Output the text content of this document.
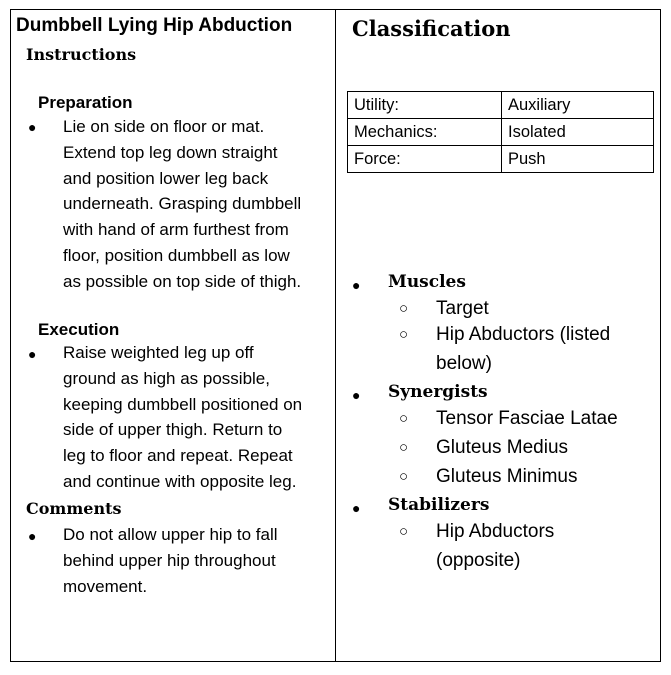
Dumbbell Lying Hip Abduction
Instructions
Preparation
● Lie on side on floor or mat.
Extend top leg down straight
and position lower leg back
underneath. Grasping dumbbell
with hand of arm furthest from
floor, position dumbbell as low
as possible on top side of thigh.
Execution
● Raise weighted leg up off
ground as high as possible,
keeping dumbbell positioned on
side of upper thigh. Return to
leg to floor and repeat. Repeat
and continue with opposite leg.
Comments
● Do not allow upper hip to fall
behind upper hip throughout
movement.
Classification
Utility:	Auxiliary
Mechanics:	Isolated
Force:	Push
● Muscles
○ Target
○ Hip Abductors (listed
below)
● Synergists
○ Tensor Fasciae Latae
○ Gluteus Medius
○ Gluteus Minimus
● Stabilizers
○ Hip Abductors
(opposite)
